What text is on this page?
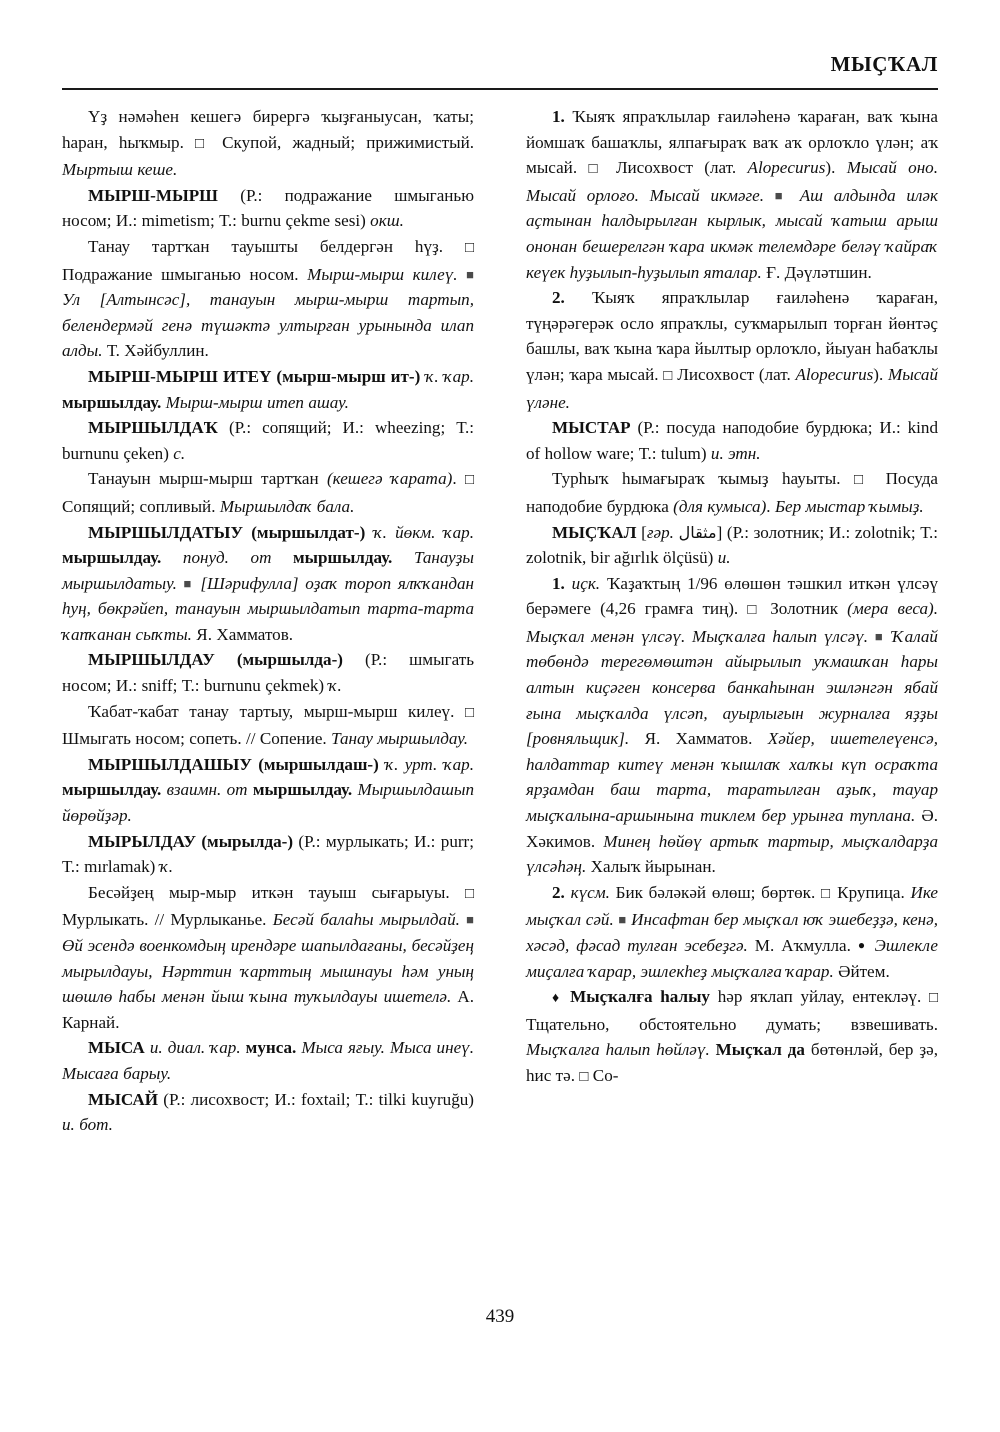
МЫҪҠАЛ

Үҙ нәмәһен кешегә бирергә ҡыҙғаныусан, ҡаты; һаран, һыҡмыр. □ Скупой, жадный; прижимистый. Мыртыш кеше.

МЫРШ-МЫРШ (Р.: подражание шмыганью носом; И.: mimetism; Т.: burnu çekme sesi) окш.

Танау тартҡан тауышты белдергән һүҙ. □ Подражание шмыганью носом. Мырш-мырш килеү. ■ Ул [Алтынсәс], танауын мырш-мырш тартып, белендермәй генә түшәктә ултырған урынында илап алды. Т. Хәйбуллин.

МЫРШ-МЫРШ ИТЕҮ (мырш-мырш ит-) ҡ. ҡар. мыршылдау. Мырш-мырш итеп ашау.

МЫРШЫЛДАҠ (Р.: сопящий; И.: wheezing; Т.: burnunu çeken) с.

Танауын мырш-мырш тартҡан (кешегә ҡарата). □ Сопящий; сопливый. Мыршылдаҡ бала.

МЫРШЫЛДАТЫУ (мыршылдат-) ҡ. йөкм. ҡар. мыршылдау. понуд. от мыршылдау. Танауҙы мыршылдатыу. ■ [Шәрифулла] оҙаҡ тороп ялҡҡандан һуң, бөкрәйеп, танауын мыршылдатып тарта-тарта ҡапҡанан сыҡты. Я. Хамматов.

МЫРШЫЛДАУ (мыршылда-) (Р.: шмыгать носом; И.: sniff; Т.: burnunu çekmek) ҡ.

Ҡабат-ҡабат танау тартыу, мырш-мырш килеү. □ Шмыгать носом; сопеть. // Сопение. Танау мыршылдау.

МЫРШЫЛДАШЫУ (мыршылдаш-) ҡ. урт. ҡар. мыршылдау. взаимн. от мыршылдау. Мыршылдашып йөрөйҙәр.

МЫРЫЛДАУ (мырылда-) (Р.: мурлыкать; И.: purr; Т.: mırlamak) ҡ.

Бесәйҙең мыр-мыр иткән тауыш сығарыуы. □ Мурлыкать. // Мурлыканье. Бесәй балаһы мырылдай. ■ Өй эсендә военкомдың ирендәре шапылдағаны, бесәйҙең мырылдауы, Нәрттин ҡарттың мышнауы һәм уның шөшлө һабы менән йыш ҡына туҡылдауы ишетелә. А. Карнай.

МЫСА и. диал. ҡар. мунса. Мыса яғыу. Мыса инеү. Мысаға барыу.

МЫСАЙ (Р.: лисохвост; И.: foxtail; Т.: tilki kuyruğu) и. бот.

1. Ҡыяҡ япраҡлылар ғаиләһенә ҡараған, ваҡ ҡына йомшаҡ башаҡлы, ялпағыраҡ ваҡ аҡ орлоҡло үлән; аҡ мысай. □ Лисохвост (лат. Alopecurus). Мысай оно. Мысай орлоғо. Мысай икмәге. ■ Аш алдында иләк аҫтынан һалдырылған кырлык, мысай ҡатыш арыш ононан бешерелгән ҡара икмәк телемдәре беләү ҡайраҡ кеүек һуҙылып-һуҙылып яталар. Ғ. Дәүләтшин.

2. Ҡыяҡ япраҡлылар ғаиләһенә ҡараған, түңәрәгерәк осло япраҡлы, суҡмарылып торған йөнтәҫ башлы, ваҡ ҡына ҡара йылтыр орлоҡло, йыуан һабаҡлы үлән; ҡара мысай. □ Лисохвост (лат. Alopecurus). Мысай үләне.

МЫСТАР (Р.: посуда наподобие бурдюка; И.: kind of hollow ware; Т.: tulum) и. этн.

Турһыҡ һымағыраҡ ҡымыҙ һауыты. □ Посуда наподобие бурдюка (для кумыса). Бер мыстар ҡымыҙ.

МЫҪҠАЛ [ғәр. مثقال] (Р.: золотник; И.: zolotnik; Т.: zolotnik, bir ağırlık ölçüsü) и.

1. иҫк. Ҡаҙаҡтың 1/96 өлөшөн тәшкил иткән үлсәү берәмеге (4,26 грамға тиң). □ Золотник (мера веса). Мыҫҡал менән үлсәү. Мыҫҡалға һалып үлсәү. ■ Ҡалай төбөндә терегөмөштән айырылып уҡмашҡан һары алтын киҫәген консерва банкаһынан эшләнгән ябай ғына мыҫҡалда үлсәп, ауырлығын журналға яҙҙы [ровняльщик]. Я. Хамматов. Хәйер, ишетелеүенсә, һалдаттар китеү менән ҡышлаҡ халҡы күп осраҡта ярҙамдан баш тарта, таратылған аҙыҡ, тауар мыҫҡалына-аршынына тиклем бер урынға туплана. Ә. Хәкимов. Минең һөйөү артыҡ тартыр, мыҫҡалдарҙа үлсәһәң. Халыҡ йырынан.

2. күсм. Бик бәләкәй өлөш; бөртөк. □ Крупица. Ике мыҫҡал сәй. ■ Инсафтан бер мыҫҡал юҡ эшебеҙҙә, кенә, хәсәд, фәсад тулған эсебеҙгә. М. Аҡмулла. ● Эшлекле миҫалға ҡарар, эшлекһеҙ мыҫҡалға ҡарар. Әйтем.

♦ Мыҫҡалға һалыу һәр яҡлап уйлау, ентекләү. □ Тщательно, обстоятельно думать; взвешивать. Мыҫҡалға һалып һөйләү. Мыҫҡал да бөтөнләй, бер ҙә, һис тә. □ Со-

439
